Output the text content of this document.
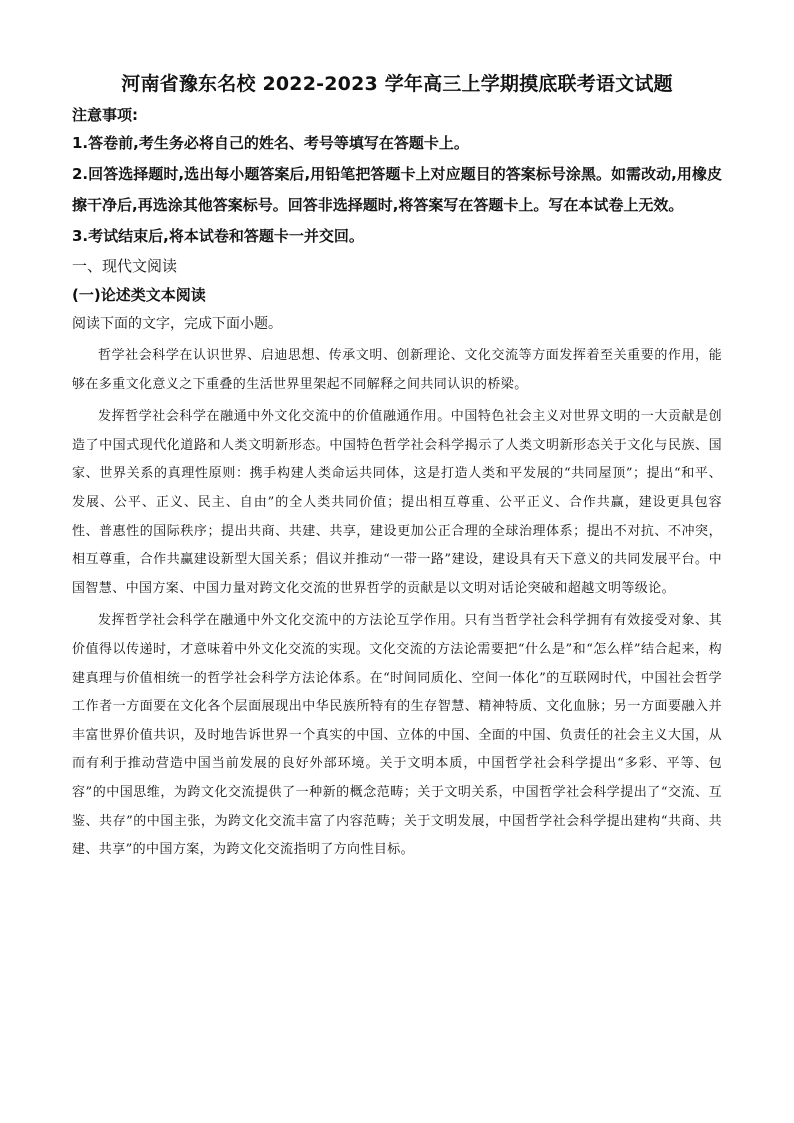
河南省豫东名校 2022-2023 学年高三上学期摸底联考语文试题

注意事项:

1.答卷前,考生务必将自己的姓名、考号等填写在答题卡上。

2.回答选择题时,选出每小题答案后,用铅笔把答题卡上对应题目的答案标号涂黑。如需改动,用橡皮擦干净后,再选涂其他答案标号。回答非选择题时,将答案写在答题卡上。写在本试卷上无效。

3.考试结束后,将本试卷和答题卡一并交回。

一、现代文阅读

(一)论述类文本阅读

阅读下面的文字，完成下面小题。

哲学社会科学在认识世界、启迪思想、传承文明、创新理论、文化交流等方面发挥着至关重要的作用，能够在多重文化意义之下重叠的生活世界里架起不同解释之间共同认识的桥梁。

发挥哲学社会科学在融通中外文化交流中的价值融通作用。中国特色社会主义对世界文明的一大贡献是创造了中国式现代化道路和人类文明新形态。中国特色哲学社会科学揭示了人类文明新形态关于文化与民族、国家、世界关系的真理性原则：携手构建人类命运共同体，这是打造人类和平发展的“共同屋顶”；提出“和平、发展、公平、正义、民主、自由”的全人类共同价值；提出相互尊重、公平正义、合作共赢，建设更具包容性、普惠性的国际秩序；提出共商、共建、共享，建设更加公正合理的全球治理体系；提出不对抗、不冲突，相互尊重，合作共赢建设新型大国关系；倡议并推动“一带一路”建设，建设具有天下意义的共同发展平台。中国智慧、中国方案、中国力量对跨文化交流的世界哲学的贡献是以文明对话论突破和超越文明等级论。

发挥哲学社会科学在融通中外文化交流中的方法论互学作用。只有当哲学社会科学拥有有效接受对象、其价值得以传递时，才意味着中外文化交流的实现。文化交流的方法论需要把“什么是”和“怎么样”结合起来，构建真理与价值相统一的哲学社会科学方法论体系。在“时间同质化、空间一体化”的互联网时代，中国社会哲学工作者一方面要在文化各个层面展现出中华民族所特有的生存智慧、精神特质、文化血脉；另一方面要融入并丰富世界价值共识，及时地告诉世界一个真实的中国、立体的中国、全面的中国、负责任的社会主义大国，从而有利于推动营造中国当前发展的良好外部环境。关于文明本质，中国哲学社会科学提出“多彩、平等、包容”的中国思维，为跨文化交流提供了一种新的概念范畴；关于文明关系，中国哲学社会科学提出了“交流、互鉴、共存”的中国主张，为跨文化交流丰富了内容范畴；关于文明发展，中国哲学社会科学提出建构“共商、共建、共享”的中国方案，为跨文化交流指明了方向性目标。
